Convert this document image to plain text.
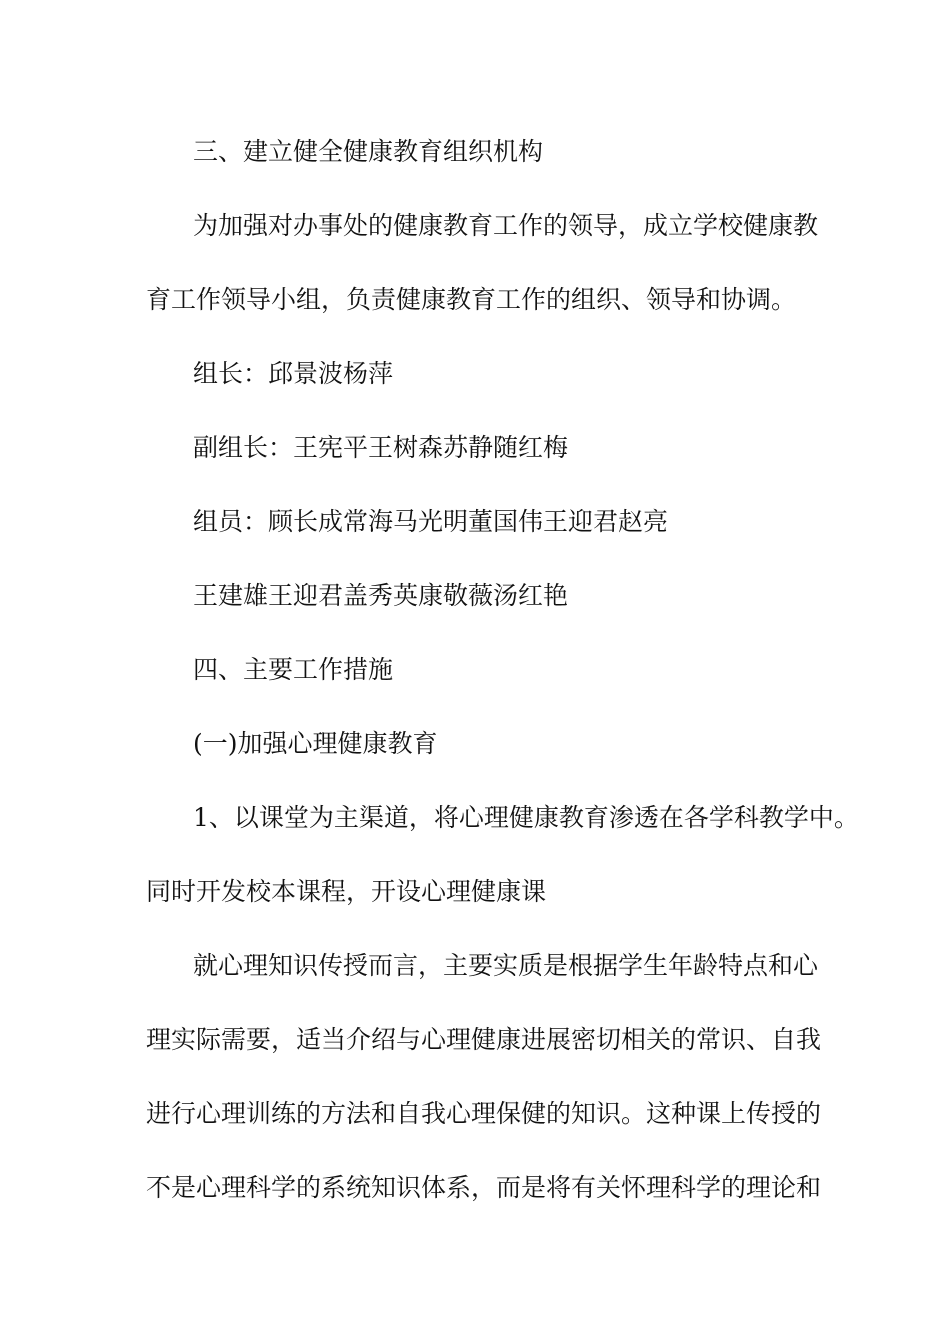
三、建立健全健康教育组织机构
为加强对办事处的健康教育工作的领导，成立学校健康教
育工作领导小组，负责健康教育工作的组织、领导和协调。
组长：邱景波杨萍
副组长：王宪平王树森苏静随红梅
组员：顾长成常海马光明董国伟王迎君赵亮
王建雄王迎君盖秀英康敬薇汤红艳
四、主要工作措施
(一)加强心理健康教育
1、以课堂为主渠道，将心理健康教育渗透在各学科教学中。
同时开发校本课程，开设心理健康课
就心理知识传授而言，主要实质是根据学生年龄特点和心
理实际需要，适当介绍与心理健康进展密切相关的常识、自我
进行心理训练的方法和自我心理保健的知识。这种课上传授的
不是心理科学的系统知识体系，而是将有关怀理科学的理论和
